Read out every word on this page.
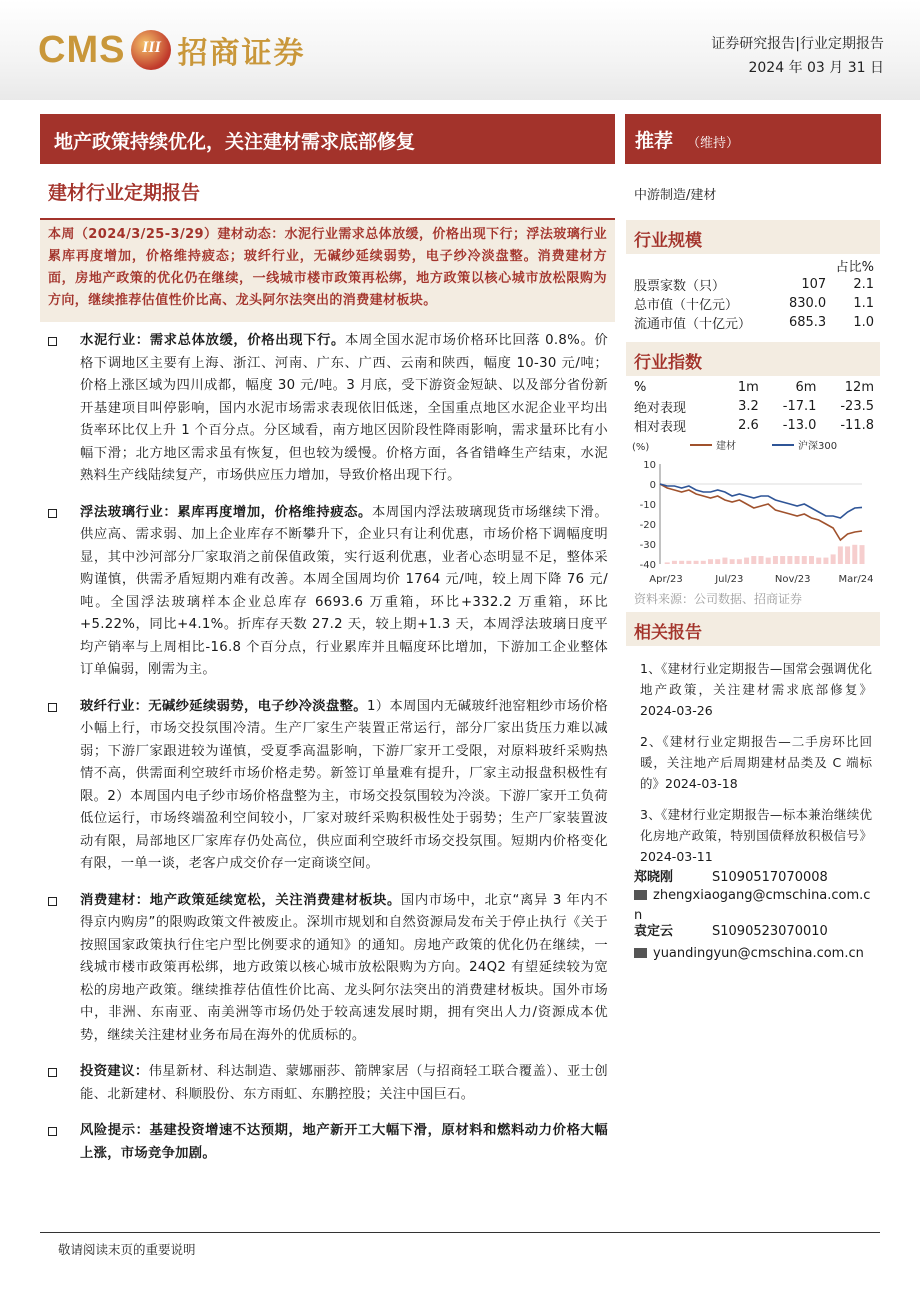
CMS	III 招商证券	证券研究报告|行业定期报告
2024 年 03 月 31 日
地产政策持续优化，关注建材需求底部修复	推荐 （维持）
建材行业定期报告
本周（2024/3/25-3/29）建材动态：水泥行业需求总体放缓，价格出现下行；浮法玻璃行业累库再度增加，价格维持疲态；玻纤行业，无碱纱延续弱势，电子纱冷淡盘整。消费建材方面，房地产政策的优化仍在继续，一线城市楼市政策再松绑，地方政策以核心城市放松限购为方向，继续推荐估值性价比高、龙头阿尔法突出的消费建材板块。
水泥行业：需求总体放缓，价格出现下行。本周全国水泥市场价格环比回落 0.8%。价格下调地区主要有上海、浙江、河南、广东、广西、云南和陕西，幅度 10-30 元/吨；价格上涨区域为四川成都，幅度 30 元/吨。3 月底，受下游资金短缺、以及部分省份新开基建项目叫停影响，国内水泥市场需求表现依旧低迷，全国重点地区水泥企业平均出货率环比仅上升 1 个百分点。分区域看，南方地区因阶段性降雨影响，需求量环比有小幅下滑；北方地区需求虽有恢复，但也较为缓慢。价格方面，各省错峰生产结束，水泥熟料生产线陆续复产，市场供应压力增加，导致价格出现下行。
浮法玻璃行业：累库再度增加，价格维持疲态。本周国内浮法玻璃现货市场继续下滑。供应高、需求弱、加上企业库存不断攀升下，企业只有让利优惠，市场价格下调幅度明显，其中沙河部分厂家取消之前保值政策，实行返利优惠，业者心态明显不足，整体采购谨慎，供需矛盾短期内难有改善。本周全国周均价 1764 元/吨，较上周下降 76 元/吨。全国浮法玻璃样本企业总库存 6693.6 万重箱，环比+332.2 万重箱，环比+5.22%，同比+4.1%。折库存天数 27.2 天，较上期+1.3 天，本周浮法玻璃日度平均产销率与上周相比-16.8 个百分点，行业累库并且幅度环比增加，下游加工企业整体订单偏弱，刚需为主。
玻纤行业：无碱纱延续弱势，电子纱冷淡盘整。1）本周国内无碱玻纤池窑粗纱市场价格小幅上行，市场交投氛围冷清。生产厂家生产装置正常运行，部分厂家出货压力难以减弱；下游厂家跟进较为谨慎，受夏季高温影响，下游厂家开工受限，对原料玻纤采购热情不高，供需面利空玻纤市场价格走势。新签订单量难有提升，厂家主动报盘积极性有限。2）本周国内电子纱市场价格盘整为主，市场交投氛围较为冷淡。下游厂家开工负荷低位运行，市场终端盈利空间较小，厂家对玻纤采购积极性处于弱势；生产厂家装置波动有限，局部地区厂家库存仍处高位，供应面利空玻纤市场交投氛围。短期内价格变化有限，一单一谈，老客户成交价存一定商谈空间。
消费建材：地产政策延续宽松，关注消费建材板块。国内市场中，北京“离异 3 年内不得京内购房”的限购政策文件被废止。深圳市规划和自然资源局发布关于停止执行《关于按照国家政策执行住宅户型比例要求的通知》的通知。房地产政策的优化仍在继续，一线城市楼市政策再松绑，地方政策以核心城市放松限购为方向。24Q2 有望延续较为宽松的房地产政策。继续推荐估值性价比高、龙头阿尔法突出的消费建材板块。国外市场中，非洲、东南亚、南美洲等市场仍处于较高速发展时期，拥有突出人力/资源成本优势，继续关注建材业务布局在海外的优质标的。
投资建议：伟星新材、科达制造、蒙娜丽莎、箭牌家居（与招商轻工联合覆盖）、亚士创能、北新建材、科顺股份、东方雨虹、东鹏控股；关注中国巨石。
风险提示：基建投资增速不达预期，地产新开工大幅下滑，原材料和燃料动力价格大幅上涨，市场竞争加剧。
中游制造/建材
行业规模
		占比%
股票家数（只）	107	2.1
总市值（十亿元）	830.0	1.1
流通市值（十亿元）	685.3	1.0
行业指数
%	1m	6m	12m
绝对表现	3.2	-17.1	-23.5
相对表现	2.6	-13.0	-11.8
(%)	建材	沪深300
10
0
-10
-20
-30
-40
Apr/23	Jul/23	Nov/23	Mar/24
资料来源：公司数据、招商证券
相关报告
1、《建材行业定期报告—国常会强调优化地产政策，关注建材需求底部修复》2024-03-26
2、《建材行业定期报告—二手房环比回暖，关注地产后周期建材品类及 C 端标的》2024-03-18
3、《建材行业定期报告—标本兼治继续优化房地产政策，特别国债释放积极信号》2024-03-11
郑晓刚	S1090517070008
zhengxiaogang@cmschina.com.cn
袁定云	S1090523070010
yuandingyun@cmschina.com.cn
敬请阅读末页的重要说明
